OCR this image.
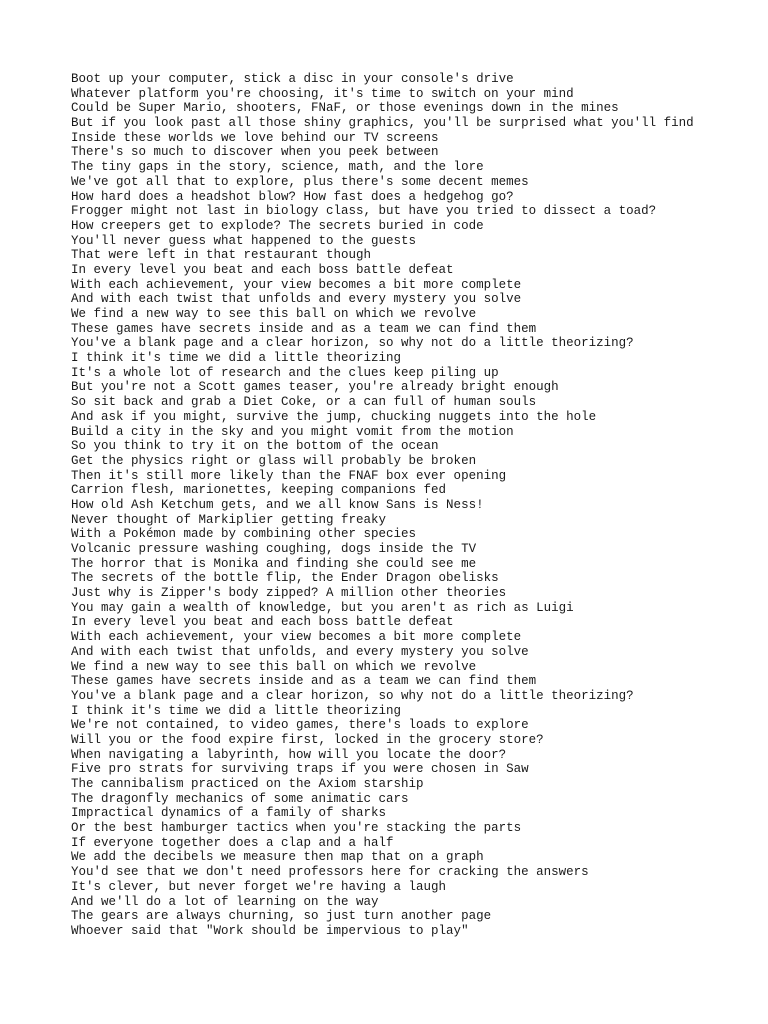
Boot up your computer, stick a disc in your console's drive
Whatever platform you're choosing, it's time to switch on your mind
Could be Super Mario, shooters, FNaF, or those evenings down in the mines
But if you look past all those shiny graphics, you'll be surprised what you'll find
Inside these worlds we love behind our TV screens
There's so much to discover when you peek between
The tiny gaps in the story, science, math, and the lore
We've got all that to explore, plus there's some decent memes
How hard does a headshot blow? How fast does a hedgehog go?
Frogger might not last in biology class, but have you tried to dissect a toad?
How creepers get to explode? The secrets buried in code
You'll never guess what happened to the guests
That were left in that restaurant though
In every level you beat and each boss battle defeat
With each achievement, your view becomes a bit more complete
And with each twist that unfolds and every mystery you solve
We find a new way to see this ball on which we revolve
These games have secrets inside and as a team we can find them
You've a blank page and a clear horizon, so why not do a little theorizing?
I think it's time we did a little theorizing
It's a whole lot of research and the clues keep piling up
But you're not a Scott games teaser, you're already bright enough
So sit back and grab a Diet Coke, or a can full of human souls
And ask if you might, survive the jump, chucking nuggets into the hole
Build a city in the sky and you might vomit from the motion
So you think to try it on the bottom of the ocean
Get the physics right or glass will probably be broken
Then it's still more likely than the FNAF box ever opening
Carrion flesh, marionettes, keeping companions fed
How old Ash Ketchum gets, and we all know Sans is Ness!
Never thought of Markiplier getting freaky
With a Pokémon made by combining other species
Volcanic pressure washing coughing, dogs inside the TV
The horror that is Monika and finding she could see me
The secrets of the bottle flip, the Ender Dragon obelisks
Just why is Zipper's body zipped? A million other theories
You may gain a wealth of knowledge, but you aren't as rich as Luigi
In every level you beat and each boss battle defeat
With each achievement, your view becomes a bit more complete
And with each twist that unfolds, and every mystery you solve
We find a new way to see this ball on which we revolve
These games have secrets inside and as a team we can find them
You've a blank page and a clear horizon, so why not do a little theorizing?
I think it's time we did a little theorizing
We're not contained, to video games, there's loads to explore
Will you or the food expire first, locked in the grocery store?
When navigating a labyrinth, how will you locate the door?
Five pro strats for surviving traps if you were chosen in Saw
The cannibalism practiced on the Axiom starship
The dragonfly mechanics of some animatic cars
Impractical dynamics of a family of sharks
Or the best hamburger tactics when you're stacking the parts
If everyone together does a clap and a half
We add the decibels we measure then map that on a graph
You'd see that we don't need professors here for cracking the answers
It's clever, but never forget we're having a laugh
And we'll do a lot of learning on the way
The gears are always churning, so just turn another page
Whoever said that "Work should be impervious to play"
